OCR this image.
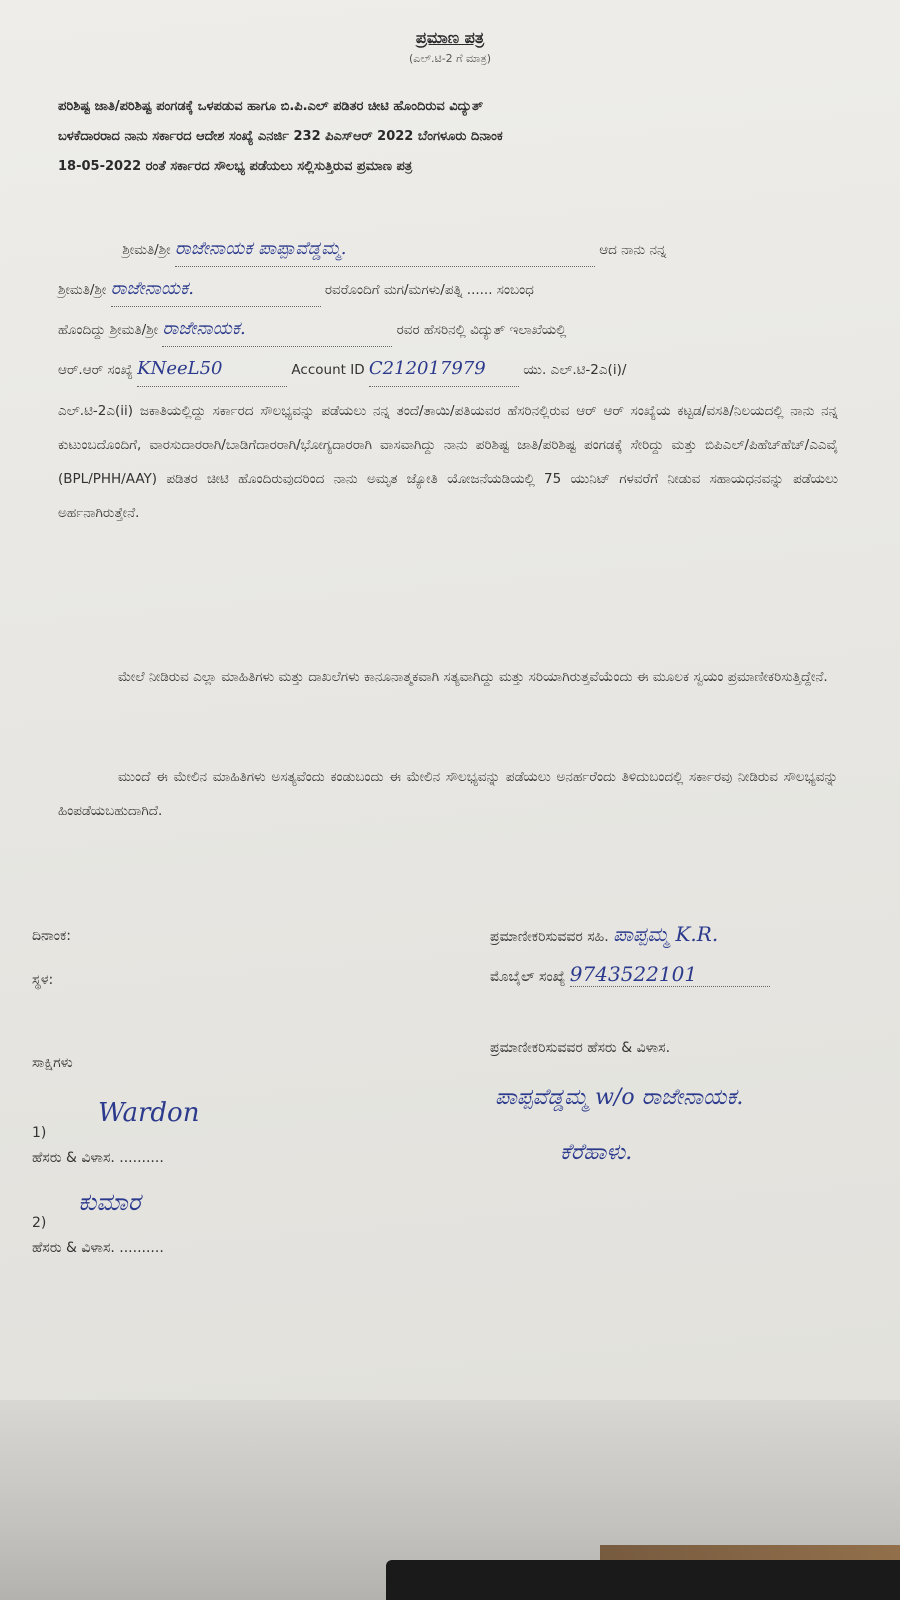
ಪ್ರಮಾಣ ಪತ್ರ
(ಎಲ್.ಟಿ-2 ಗೆ ಮಾತ್ರ)
ಪರಿಶಿಷ್ಟ ಜಾತಿ/ಪರಿಶಿಷ್ಟ ಪಂಗಡಕ್ಕೆ ಒಳಪಡುವ ಹಾಗೂ ಬಿ.ಪಿ.ಎಲ್ ಪಡಿತರ ಚೀಟಿ ಹೊಂದಿರುವ ವಿದ್ಯುತ್
ಬಳಕೆದಾರರಾದ ನಾನು ಸರ್ಕಾರದ ಆದೇಶ ಸಂಖ್ಯೆ ಎನರ್ಜಿ 232 ಪಿಎಸ್ಆರ್ 2022 ಬೆಂಗಳೂರು ದಿನಾಂಕ
18-05-2022 ರಂತೆ ಸರ್ಕಾರದ ಸೌಲಭ್ಯ ಪಡೆಯಲು ಸಲ್ಲಿಸುತ್ತಿರುವ ಪ್ರಮಾಣ ಪತ್ರ
ಶ್ರೀಮತಿ/ಶ್ರೀ ರಾಜೇನಾಯಕ ಪಾಪ್ಪಾವೆಡ್ಡಮ್ಮ.	ಆದ ನಾನು ನನ್ನ
ಶ್ರೀಮತಿ/ಶ್ರೀ ರಾಜೇನಾಯಕ.	ರವರೊಂದಿಗೆ ಮಗ/ಮಗಳು/ಪತ್ನಿ ...... ಸಂಬಂಧ
ಹೊಂದಿದ್ದು ಶ್ರೀಮತಿ/ಶ್ರೀ ರಾಜೇನಾಯಕ.	ರವರ ಹೆಸರಿನಲ್ಲಿ ವಿದ್ಯುತ್ ಇಲಾಖೆಯಲ್ಲಿ
ಆರ್.ಆರ್ ಸಂಖ್ಯೆ KNeeL50	Account ID C212017979	ಯು. ಎಲ್.ಟಿ-2ಎ(i)/
ಎಲ್.ಟಿ-2ಎ(ii) ಜಕಾತಿಯಲ್ಲಿದ್ದು ಸರ್ಕಾರದ ಸೌಲಭ್ಯವನ್ನು ಪಡೆಯಲು ನನ್ನ ತಂದೆ/ತಾಯಿ/ಪತಿಯವರ ಹೆಸರಿನಲ್ಲಿರುವ ಆರ್ ಆರ್ ಸಂಖ್ಯೆಯ ಕಟ್ಟಡ/ವಸತಿ/ನಿಲಯದಲ್ಲಿ ನಾನು ನನ್ನ ಕುಟುಂಬದೊಂದಿಗೆ, ವಾರಸುದಾರರಾಗಿ/ಬಾಡಿಗೆದಾರರಾಗಿ/ಭೋಗ್ಯದಾರರಾಗಿ ವಾಸವಾಗಿದ್ದು ನಾನು ಪರಿಶಿಷ್ಟ ಜಾತಿ/ಪರಿಶಿಷ್ಟ ಪಂಗಡಕ್ಕೆ ಸೇರಿದ್ದು ಮತ್ತು ಬಿಪಿಎಲ್/ಪಿಹೆಚ್‌ಹೆಚ್/ಎಎವೈ (BPL/PHH/AAY) ಪಡಿತರ ಚೀಟಿ ಹೊಂದಿರುವುದರಿಂದ ನಾನು ಅಮೃತ ಜ್ಯೋತಿ ಯೋಜನೆಯಡಿಯಲ್ಲಿ 75 ಯುನಿಟ್ ಗಳವರೆಗೆ ನೀಡುವ ಸಹಾಯಧನವನ್ನು ಪಡೆಯಲು ಅರ್ಹನಾಗಿರುತ್ತೇನೆ.
ಮೇಲೆ ನೀಡಿರುವ ಎಲ್ಲಾ ಮಾಹಿತಿಗಳು ಮತ್ತು ದಾಖಲೆಗಳು ಕಾನೂನಾತ್ಮಕವಾಗಿ ಸತ್ಯವಾಗಿದ್ದು ಮತ್ತು ಸರಿಯಾಗಿರುತ್ತವೆಯೆಂದು ಈ ಮೂಲಕ ಸ್ವಯಂ ಪ್ರಮಾಣೀಕರಿಸುತ್ತಿದ್ದೇನೆ.
ಮುಂದೆ ಈ ಮೇಲಿನ ಮಾಹಿತಿಗಳು ಅಸತ್ಯವೆಂದು ಕಂಡುಬಂದು ಈ ಮೇಲಿನ ಸೌಲಭ್ಯವನ್ನು ಪಡೆಯಲು ಅನರ್ಹರೆಂದು ತಿಳಿದುಬಂದಲ್ಲಿ ಸರ್ಕಾರವು ನೀಡಿರುವ ಸೌಲಭ್ಯವನ್ನು ಹಿಂಪಡೆಯಬಹುದಾಗಿದೆ.
ದಿನಾಂಕ:
ಸ್ಥಳ:
ಸಾಕ್ಷಿಗಳು
1)
Wardon
ಹೆಸರು & ವಿಳಾಸ. ..........
2)
ಕುಮಾರ
ಹೆಸರು & ವಿಳಾಸ. ..........
ಪ್ರಮಾಣೀಕರಿಸುವವರ ಸಹಿ. ಪಾಪ್ಪಮ್ಮ K.R.
ಮೊಬೈಲ್ ಸಂಖ್ಯೆ 9743522101
ಪ್ರಮಾಣೀಕರಿಸುವವರ ಹೆಸರು & ವಿಳಾಸ.
ಪಾಪ್ಪವೆಡ್ಡಮ್ಮ w/o ರಾಜೇನಾಯಕ.
ಕೆರೆಹಾಳು.
